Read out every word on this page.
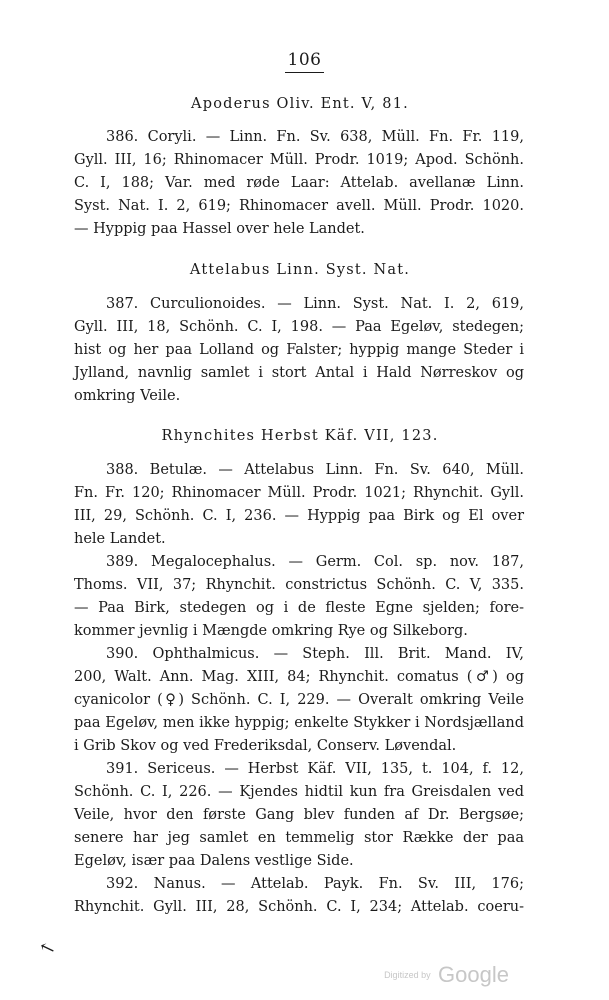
106
Apoderus Oliv. Ent. V, 81.
386. Coryli. — Linn. Fn. Sv. 638, Müll. Fn. Fr. 119,
Gyll. III, 16; Rhinomacer Müll. Prodr. 1019; Apod. Schönh.
C. I, 188; Var. med røde Laar: Attelab. avellanæ Linn.
Syst. Nat. I. 2, 619; Rhinomacer avell. Müll. Prodr. 1020.
— Hyppig paa Hassel over hele Landet.
Attelabus Linn. Syst. Nat.
387. Curculionoides. — Linn. Syst. Nat. I. 2, 619,
Gyll. III, 18, Schönh. C. I, 198. — Paa Egeløv, stedegen;
hist og her paa Lolland og Falster; hyppig mange Steder i
Jylland, navnlig samlet i stort Antal i Hald Nørreskov og
omkring Veile.
Rhynchites Herbst Käf. VII, 123.
388. Betulæ. — Attelabus Linn. Fn. Sv. 640, Müll.
Fn. Fr. 120; Rhinomacer Müll. Prodr. 1021; Rhynchit. Gyll.
III, 29, Schönh. C. I, 236. — Hyppig paa Birk og El over
hele Landet.
389. Megalocephalus. — Germ. Col. sp. nov. 187,
Thoms. VII, 37; Rhynchit. constrictus Schönh. C. V, 335.
— Paa Birk, stedegen og i de fleste Egne sjelden; fore-
kommer jevnlig i Mængde omkring Rye og Silkeborg.
390. Ophthalmicus. — Steph. Ill. Brit. Mand. IV,
200, Walt. Ann. Mag. XIII, 84; Rhynchit. comatus (♂) og
cyanicolor (♀) Schönh. C. I, 229. — Overalt omkring Veile
paa Egeløv, men ikke hyppig; enkelte Stykker i Nordsjælland
i Grib Skov og ved Frederiksdal, Conserv. Løvendal.
391. Sericeus. — Herbst Käf. VII, 135, t. 104, f. 12,
Schönh. C. I, 226. — Kjendes hidtil kun fra Greisdalen ved
Veile, hvor den første Gang blev funden af Dr. Bergsøe;
senere har jeg samlet en temmelig stor Række der paa
Egeløv, især paa Dalens vestlige Side.
392. Nanus. — Attelab. Payk. Fn. Sv. III, 176;
Rhynchit. Gyll. III, 28, Schönh. C. I, 234; Attelab. coeru-
↖
Digitized by Google
